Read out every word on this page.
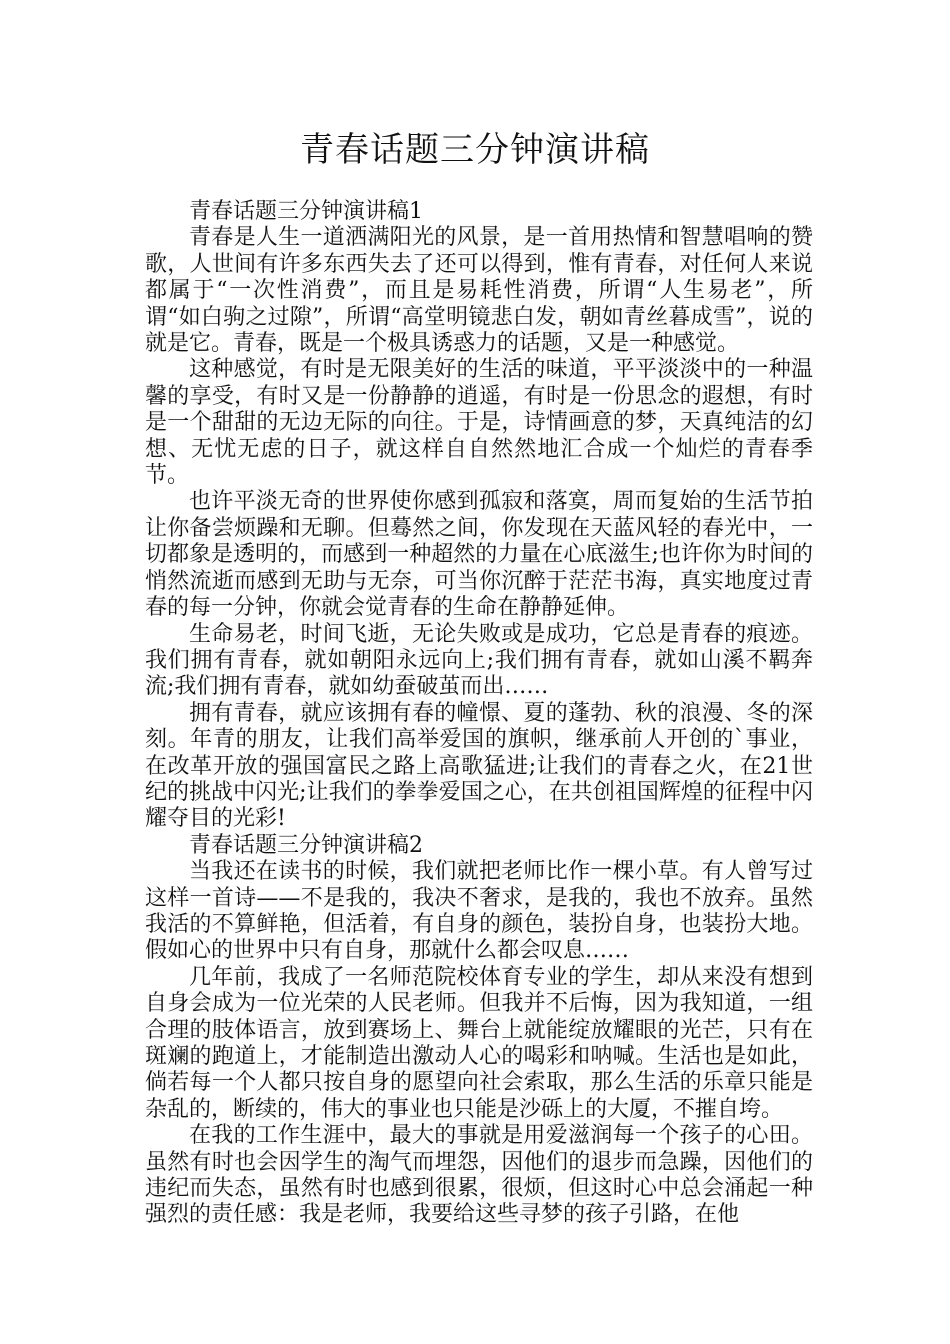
青春话题三分钟演讲稿

青春话题三分钟演讲稿1

青春是人生一道洒满阳光的风景，是一首用热情和智慧唱响的赞歌，人世间有许多东西失去了还可以得到，惟有青春，对任何人来说都属于“一次性消费”，而且是易耗性消费，所谓“人生易老”，所谓“如白驹之过隙”，所谓“高堂明镜悲白发，朝如青丝暮成雪”，说的就是它。青春，既是一个极具诱惑力的话题，又是一种感觉。

这种感觉，有时是无限美好的生活的味道，平平淡淡中的一种温馨的享受，有时又是一份静静的逍遥，有时是一份思念的遐想，有时是一个甜甜的无边无际的向往。于是，诗情画意的梦，天真纯洁的幻想、无忧无虑的日子，就这样自自然然地汇合成一个灿烂的青春季节。

也许平淡无奇的世界使你感到孤寂和落寞，周而复始的生活节拍让你备尝烦躁和无聊。但蓦然之间，你发现在天蓝风轻的春光中，一切都象是透明的，而感到一种超然的力量在心底滋生;也许你为时间的悄然流逝而感到无助与无奈，可当你沉醉于茫茫书海，真实地度过青春的每一分钟，你就会觉青春的生命在静静延伸。

生命易老，时间飞逝，无论失败或是成功，它总是青春的痕迹。我们拥有青春，就如朝阳永远向上;我们拥有青春，就如山溪不羁奔流;我们拥有青春，就如幼蚕破茧而出……

拥有青春，就应该拥有春的幢憬、夏的蓬勃、秋的浪漫、冬的深刻。年青的朋友，让我们高举爱国的旗帜，继承前人开创的`事业，在改革开放的强国富民之路上高歌猛进;让我们的青春之火，在21世纪的挑战中闪光;让我们的拳拳爱国之心，在共创祖国辉煌的征程中闪耀夺目的光彩!

青春话题三分钟演讲稿2

当我还在读书的时候，我们就把老师比作一棵小草。有人曾写过这样一首诗——不是我的，我决不奢求，是我的，我也不放弃。虽然我活的不算鲜艳，但活着，有自身的颜色，装扮自身，也装扮大地。假如心的世界中只有自身，那就什么都会叹息……

几年前，我成了一名师范院校体育专业的学生，却从来没有想到自身会成为一位光荣的人民老师。但我并不后悔，因为我知道，一组合理的肢体语言，放到赛场上、舞台上就能绽放耀眼的光芒，只有在斑斓的跑道上，才能制造出激动人心的喝彩和呐喊。生活也是如此，倘若每一个人都只按自身的愿望向社会索取，那么生活的乐章只能是杂乱的，断续的，伟大的事业也只能是沙砾上的大厦，不摧自垮。

在我的工作生涯中，最大的事就是用爱滋润每一个孩子的心田。虽然有时也会因学生的淘气而埋怨，因他们的退步而急躁，因他们的违纪而失态，虽然有时也感到很累，很烦，但这时心中总会涌起一种强烈的责任感：我是老师，我要给这些寻梦的孩子引路，在他
